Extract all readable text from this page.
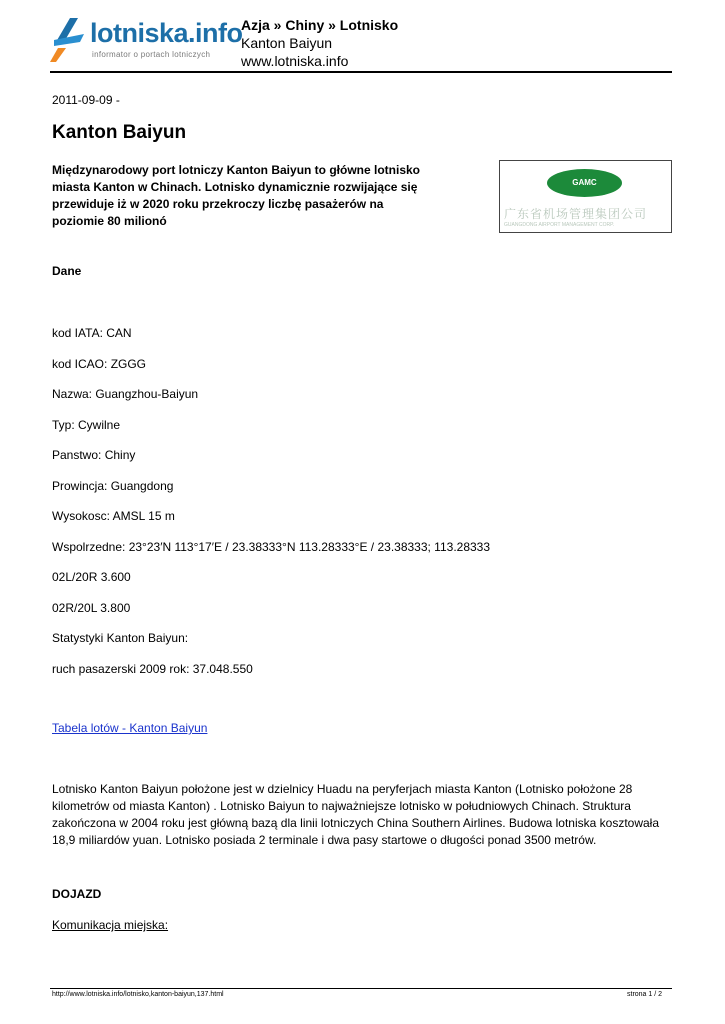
lotniska.info
informator o portach lotniczych
Azja » Chiny » Lotnisko
Kanton Baiyun
www.lotniska.info
2011-09-09 -
Kanton Baiyun
Międzynarodowy port lotniczy Kanton Baiyun to główne lotnisko miasta Kanton w Chinach. Lotnisko dynamicznie rozwijające się przewiduje iż w 2020 roku przekroczy liczbę pasażerów na poziomie 80 milionó
GAMC
广东省机场管理集团公司
GUANGDONG AIRPORT MANAGEMENT CORP.
Dane
kod IATA: CAN
kod ICAO: ZGGG
Nazwa: Guangzhou-Baiyun
Typ: Cywilne
Panstwo: Chiny
Prowincja: Guangdong
Wysokosc: AMSL 15 m
Wspolrzedne: 23°23′N 113°17′E / 23.38333°N 113.28333°E / 23.38333; 113.28333
02L/20R 3.600
02R/20L 3.800
Statystyki Kanton Baiyun:
ruch pasazerski 2009 rok: 37.048.550
Tabela lotów - Kanton Baiyun
Lotnisko Kanton Baiyun położone jest w dzielnicy Huadu na peryferjach miasta Kanton (Lotnisko położone 28 kilometrów od miasta Kanton) . Lotnisko Baiyun to najważniejsze lotnisko w południowych Chinach. Struktura zakończona w 2004 roku jest główną bazą dla linii lotniczych China Southern Airlines. Budowa lotniska kosztowała 18,9 miliardów yuan. Lotnisko posiada 2 terminale i dwa pasy startowe o długości ponad 3500 metrów.
DOJAZD
Komunikacja miejska:
http://www.lotniska.info/lotnisko,kanton-baiyun,137.html	strona 1 / 2
